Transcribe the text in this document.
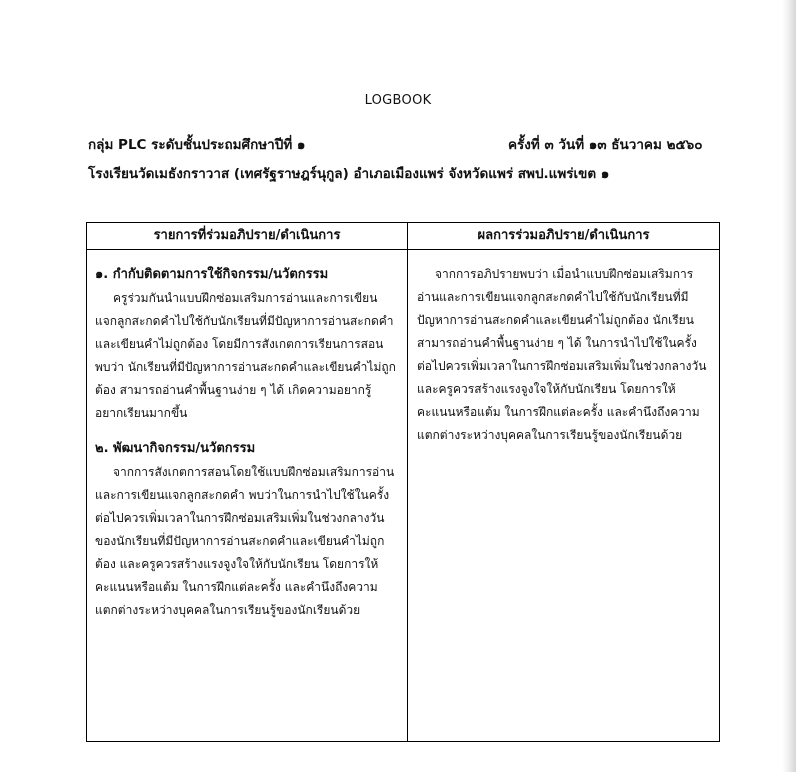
LOGBOOK
กลุ่ม PLC ระดับชั้นประถมศึกษาปีที่ ๑	ครั้งที่ ๓ วันที่ ๑๓ ธันวาคม ๒๕๖๐
โรงเรียนวัดเมธังกราวาส (เทศรัฐราษฎร์นุกูล) อำเภอเมืองแพร่ จังหวัดแพร่ สพป.แพร่เขต ๑
รายการที่ร่วมอภิปราย/ดำเนินการ	ผลการร่วมอภิปราย/ดำเนินการ
๑. กำกับติดตามการใช้กิจกรรม/นวัตกรรม

ครูร่วมกันนำแบบฝึกซ่อมเสริมการอ่านและการเขียนแจกลูกสะกดคำไปใช้กับนักเรียนที่มีปัญหาการอ่านสะกดคำและเขียนคำไม่ถูกต้อง โดยมีการสังเกตการเรียนการสอน พบว่า นักเรียนที่มีปัญหาการอ่านสะกดคำและเขียนคำไม่ถูกต้อง สามารถอ่านคำพื้นฐานง่าย ๆ ได้ เกิดความอยากรู้ อยากเรียนมากขึ้น

๒. พัฒนากิจกรรม/นวัตกรรม

จากการสังเกตการสอนโดยใช้แบบฝึกซ่อมเสริมการอ่านและการเขียนแจกลูกสะกดคำ พบว่าในการนำไปใช้ในครั้งต่อไปควรเพิ่มเวลาในการฝึกซ่อมเสริมเพิ่มในช่วงกลางวันของนักเรียนที่มีปัญหาการอ่านสะกดคำและเขียนคำไม่ถูกต้อง และครูควรสร้างแรงจูงใจให้กับนักเรียน โดยการให้คะแนนหรือแต้ม ในการฝึกแต่ละครั้ง และคำนึงถึงความแตกต่างระหว่างบุคคลในการเรียนรู้ของนักเรียนด้วย

จากการอภิปรายพบว่า เมื่อนำแบบฝึกซ่อมเสริมการอ่านและการเขียนแจกลูกสะกดคำไปใช้กับนักเรียนที่มีปัญหาการอ่านสะกดคำและเขียนคำไม่ถูกต้อง นักเรียนสามารถอ่านคำพื้นฐานง่าย ๆ ได้ ในการนำไปใช้ในครั้งต่อไปควรเพิ่มเวลาในการฝึกซ่อมเสริมเพิ่มในช่วงกลางวัน และครูควรสร้างแรงจูงใจให้กับนักเรียน โดยการให้คะแนนหรือแต้ม ในการฝึกแต่ละครั้ง และคำนึงถึงความแตกต่างระหว่างบุคคลในการเรียนรู้ของนักเรียนด้วย
